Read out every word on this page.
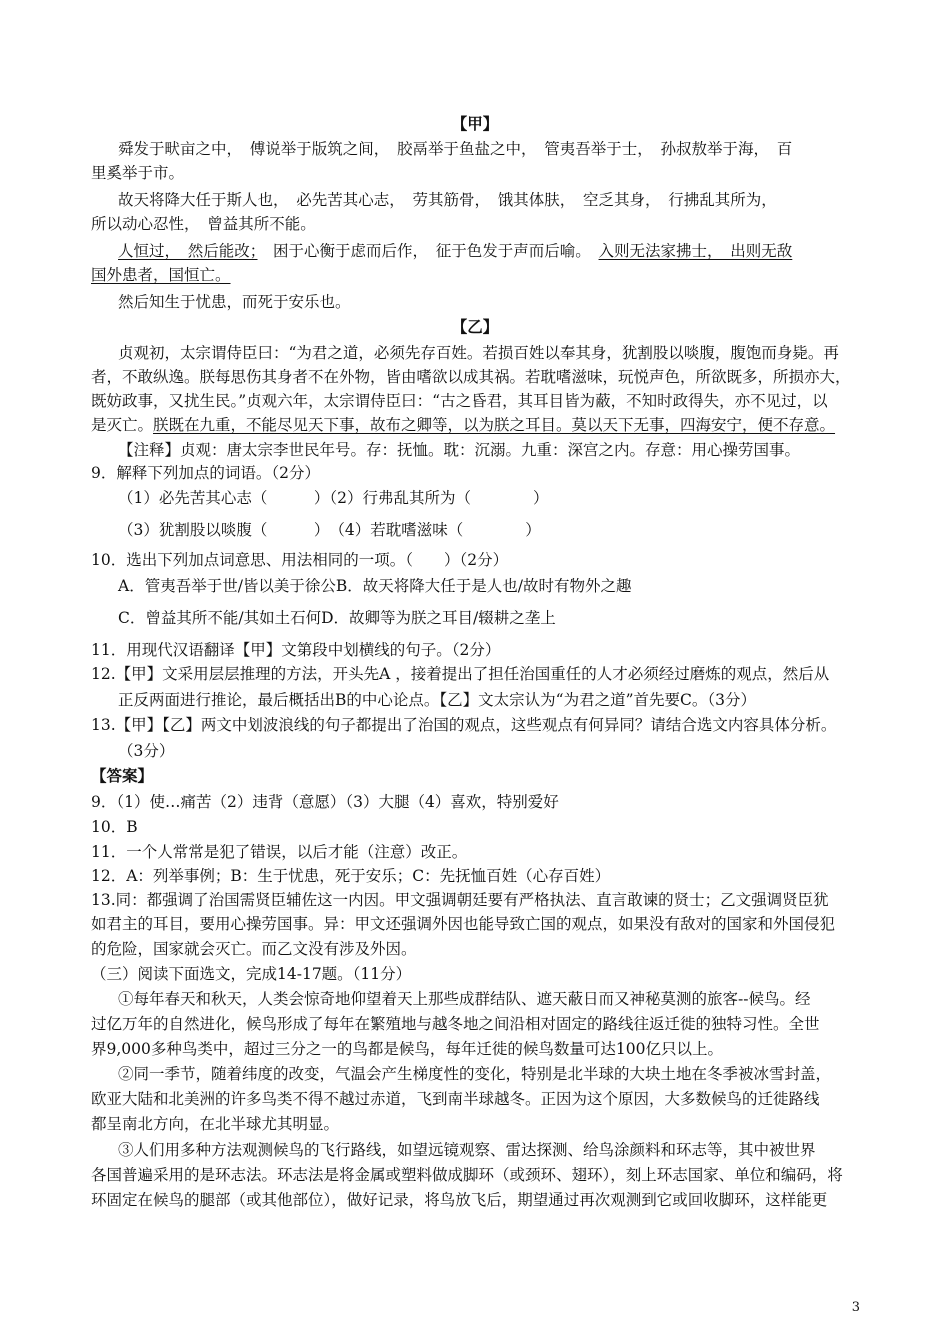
【甲】
舜发于畎亩之中，　傅说举于版筑之间，　胶鬲举于鱼盐之中，　管夷吾举于士，　孙叔敖举于海，　百
里奚举于市。
故天将降大任于斯人也，　必先苦其心志，　劳其筋骨，　饿其体肤，　空乏其身，　行拂乱其所为，
所以动心忍性，　曾益其所不能。
人恒过，　然后能改；　困于心衡于虑而后作，　征于色发于声而后喻。　入则无法家拂士，　出则无敌
国外患者，国恒亡。
然后知生于忧患，而死于安乐也。
【乙】
贞观初，太宗谓侍臣曰：“为君之道，必须先存百姓。若损百姓以奉其身，犹割股以啖腹，腹饱而身毙。再
者，不敢纵逸。朕每思伤其身者不在外物，皆由嗜欲以成其祸。若耽嗜滋味，玩悦声色，所欲既多，所损亦大，
既妨政事，又扰生民。”贞观六年，太宗谓侍臣曰：“古之昏君，其耳目皆为蔽，不知时政得失，亦不见过，以
是灭亡。朕既在九重，不能尽见天下事，故布之卿等，以为朕之耳目。莫以天下无事，四海安宁，便不存意。
【注释】贞观：唐太宗李世民年号。存：抚恤。耽：沉溺。九重：深宫之内。存意：用心操劳国事。
9．解释下列加点的词语。（2分）
（1）必先苦其心志（　　　）（2）行弗乱其所为（　　　　）
（3）犹割股以啖腹（　　　）　（4）若耽嗜滋味（　　　　）
10．选出下列加点词意思、用法相同的一项。（　　）（2分）
A．管夷吾举于世/皆以美于徐公B．故天将降大任于是人也/故时有物外之趣
C．曾益其所不能/其如土石何D．故卿等为朕之耳目/辍耕之垄上
11．用现代汉语翻译【甲】文第段中划横线的句子。（2分）
12.【甲】文采用层层推理的方法，开头先A ，接着提出了担任治国重任的人才必须经过磨炼的观点，然后从
正反两面进行推论，最后概括出B的中心论点。【乙】文太宗认为“为君之道”首先要C。（3分）
13.【甲】【乙】两文中划波浪线的句子都提出了治国的观点，这些观点有何异同？请结合选文内容具体分析。
（3分）
【答案】
9．（1）使…痛苦（2）违背（意愿）（3）大腿（4）喜欢，特别爱好
10．B
11．一个人常常是犯了错误，以后才能（注意）改正。
12．A：列举事例；B：生于忧患，死于安乐；C：先抚恤百姓（心存百姓）
13.同：都强调了治国需贤臣辅佐这一内因。甲文强调朝廷要有严格执法、直言敢谏的贤士；乙文强调贤臣犹
如君主的耳目，要用心操劳国事。异：甲文还强调外因也能导致亡国的观点，如果没有敌对的国家和外国侵犯
的危险，国家就会灭亡。而乙文没有涉及外因。
（三）阅读下面选文，完成14-17题。（11分）
①每年春天和秋天，人类会惊奇地仰望着天上那些成群结队、遮天蔽日而又神秘莫测的旅客--候鸟。经
过亿万年的自然进化，候鸟形成了每年在繁殖地与越冬地之间沿相对固定的路线往返迁徙的独特习性。全世
界9,000多种鸟类中，超过三分之一的鸟都是候鸟，每年迁徙的候鸟数量可达100亿只以上。
②同一季节，随着纬度的改变，气温会产生梯度性的变化，特别是北半球的大块土地在冬季被冰雪封盖，
欧亚大陆和北美洲的许多鸟类不得不越过赤道，飞到南半球越冬。正因为这个原因，大多数候鸟的迁徙路线
都呈南北方向，在北半球尤其明显。
③人们用多种方法观测候鸟的飞行路线，如望远镜观察、雷达探测、给鸟涂颜料和环志等，其中被世界
各国普遍采用的是环志法。环志法是将金属或塑料做成脚环（或颈环、翅环），刻上环志国家、单位和编码，将
环固定在候鸟的腿部（或其他部位），做好记录，将鸟放飞后，期望通过再次观测到它或回收脚环，这样能更
3
